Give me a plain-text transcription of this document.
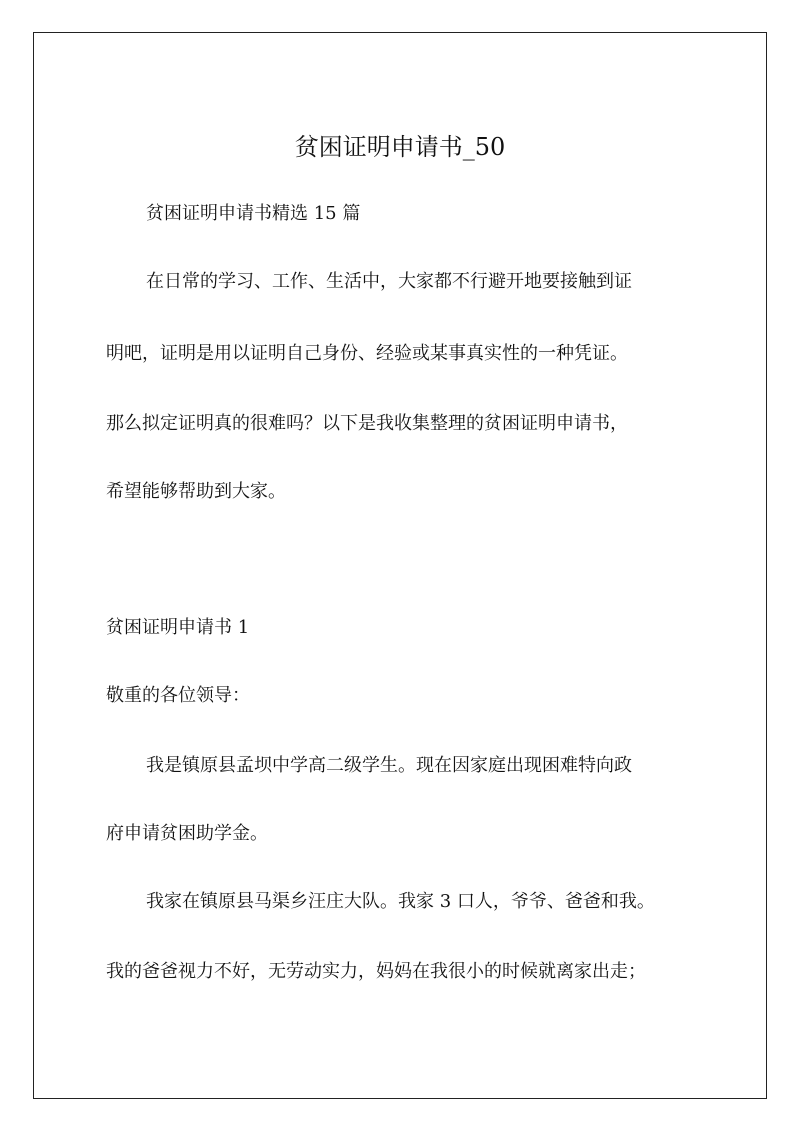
贫困证明申请书_50
贫困证明申请书精选 15 篇
在日常的学习、工作、生活中，大家都不行避开地要接触到证
明吧，证明是用以证明自己身份、经验或某事真实性的一种凭证。
那么拟定证明真的很难吗？以下是我收集整理的贫困证明申请书，
希望能够帮助到大家。
贫困证明申请书 1
敬重的各位领导：
我是镇原县孟坝中学高二级学生。现在因家庭出现困难特向政
府申请贫困助学金。
我家在镇原县马渠乡汪庄大队。我家 3 口人，爷爷、爸爸和我。
我的爸爸视力不好，无劳动实力，妈妈在我很小的时候就离家出走；
